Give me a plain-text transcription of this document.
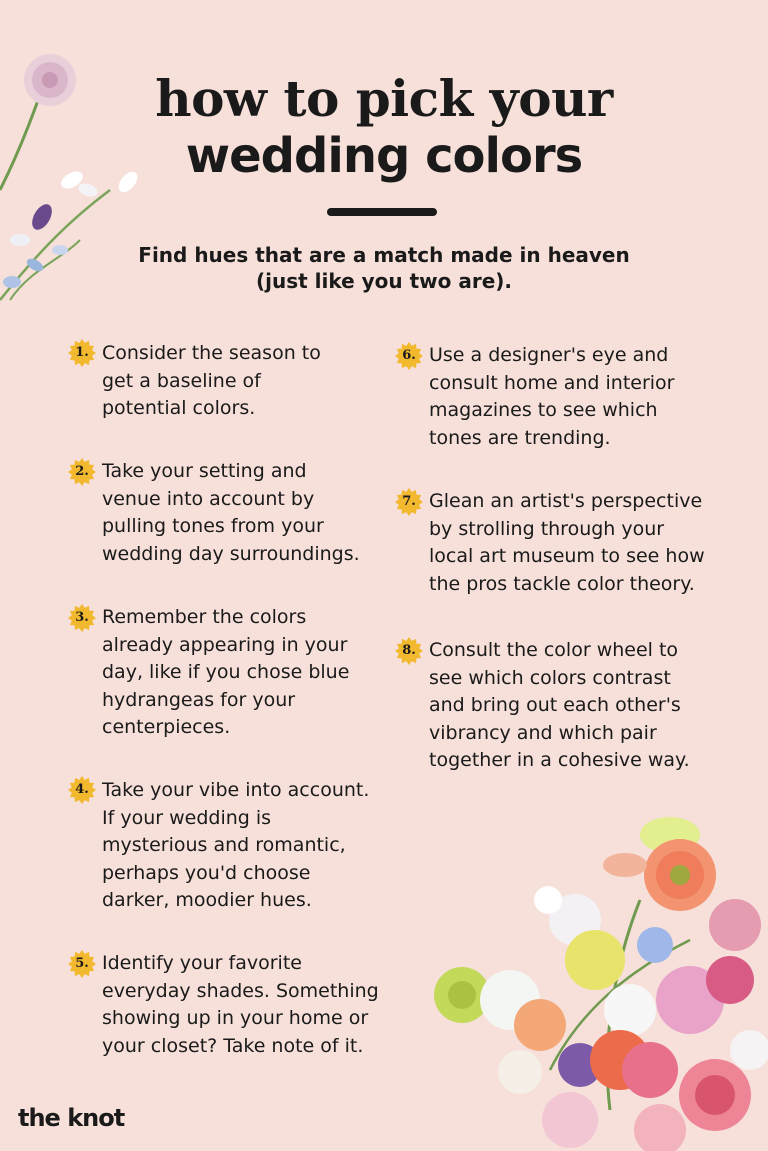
how to pick your
wedding colors
Find hues that are a match made in heaven
(just like you two are).
Consider the season to
get a baseline of
potential colors.
Take your setting and
venue into account by
pulling tones from your
wedding day surroundings.
Remember the colors
already appearing in your
day, like if you chose blue
hydrangeas for your
centerpieces.
Take your vibe into account.
If your wedding is
mysterious and romantic,
perhaps you'd choose
darker, moodier hues.
Identify your favorite
everyday shades. Something
showing up in your home or
your closet? Take note of it.
Use a designer's eye and
consult home and interior
magazines to see which
tones are trending.
Glean an artist's perspective
by strolling through your
local art museum to see how
the pros tackle color theory.
Consult the color wheel to
see which colors contrast
and bring out each other's
vibrancy and which pair
together in a cohesive way.
1.
2.
3.
4.
5.
6.
7.
8.
the knot
